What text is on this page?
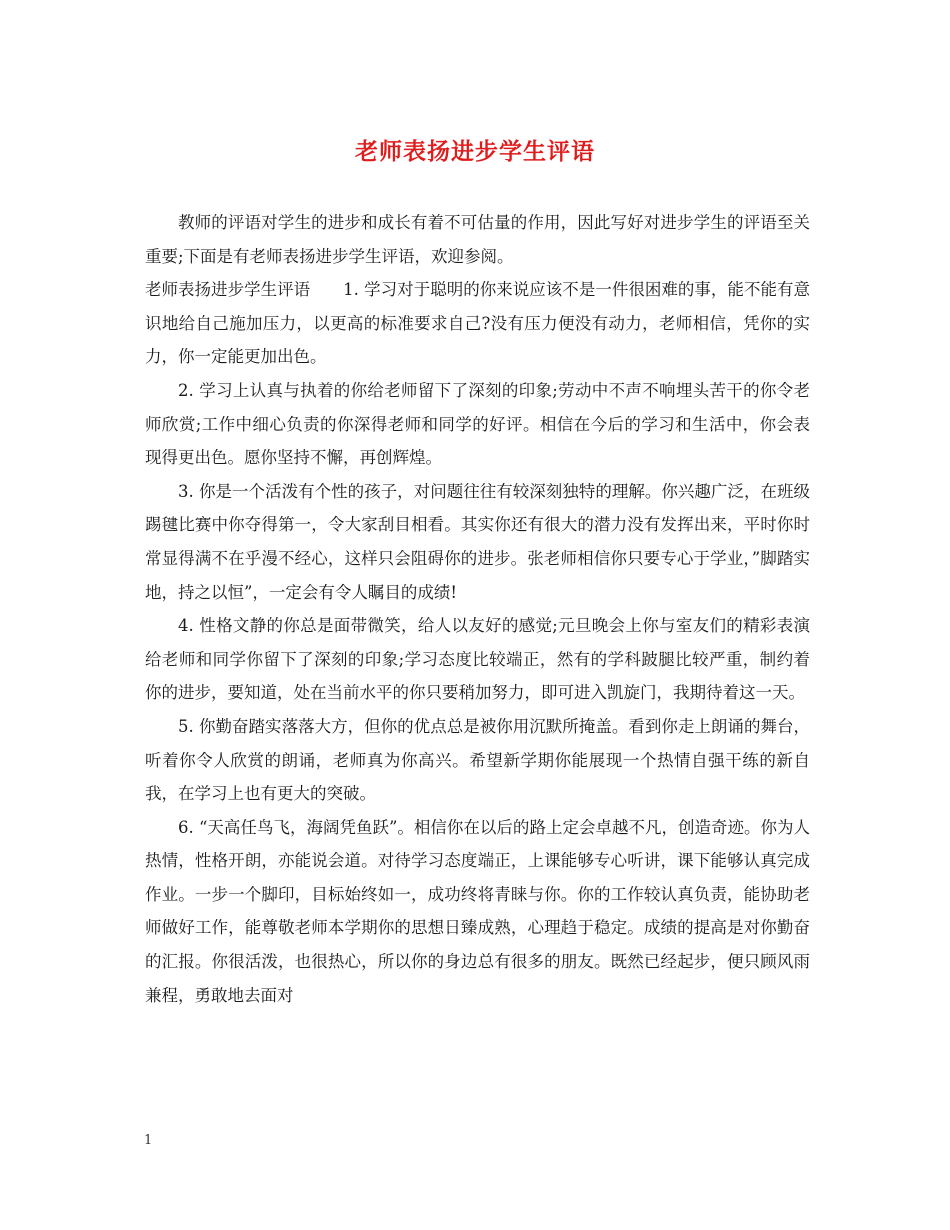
老师表扬进步学生评语

教师的评语对学生的进步和成长有着不可估量的作用，因此写好对进步学生的评语至关重要;下面是有老师表扬进步学生评语，欢迎参阅。

老师表扬进步学生评语　　1. 学习对于聪明的你来说应该不是一件很困难的事，能不能有意识地给自己施加压力，以更高的标准要求自己?没有压力便没有动力，老师相信，凭你的实力，你一定能更加出色。

2. 学习上认真与执着的你给老师留下了深刻的印象;劳动中不声不响埋头苦干的你令老师欣赏;工作中细心负责的你深得老师和同学的好评。相信在今后的学习和生活中，你会表现得更出色。愿你坚持不懈，再创辉煌。

3. 你是一个活泼有个性的孩子，对问题往往有较深刻独特的理解。你兴趣广泛，在班级踢毽比赛中你夺得第一，令大家刮目相看。其实你还有很大的潜力没有发挥出来，平时你时常显得满不在乎漫不经心，这样只会阻碍你的进步。张老师相信你只要专心于学业，”脚踏实地，持之以恒”，一定会有令人瞩目的成绩!

4. 性格文静的你总是面带微笑，给人以友好的感觉;元旦晚会上你与室友们的精彩表演给老师和同学你留下了深刻的印象;学习态度比较端正，然有的学科跛腿比较严重，制约着你的进步，要知道，处在当前水平的你只要稍加努力，即可进入凯旋门，我期待着这一天。

5. 你勤奋踏实落落大方，但你的优点总是被你用沉默所掩盖。看到你走上朗诵的舞台，听着你令人欣赏的朗诵，老师真为你高兴。希望新学期你能展现一个热情自强干练的新自我，在学习上也有更大的突破。

6. “天高任鸟飞，海阔凭鱼跃”。相信你在以后的路上定会卓越不凡，创造奇迹。你为人热情，性格开朗，亦能说会道。对待学习态度端正，上课能够专心听讲，课下能够认真完成作业。一步一个脚印，目标始终如一，成功终将青睐与你。你的工作较认真负责，能协助老师做好工作，能尊敬老师本学期你的思想日臻成熟，心理趋于稳定。成绩的提高是对你勤奋的汇报。你很活泼，也很热心，所以你的身边总有很多的朋友。既然已经起步，便只顾风雨兼程，勇敢地去面对

1
